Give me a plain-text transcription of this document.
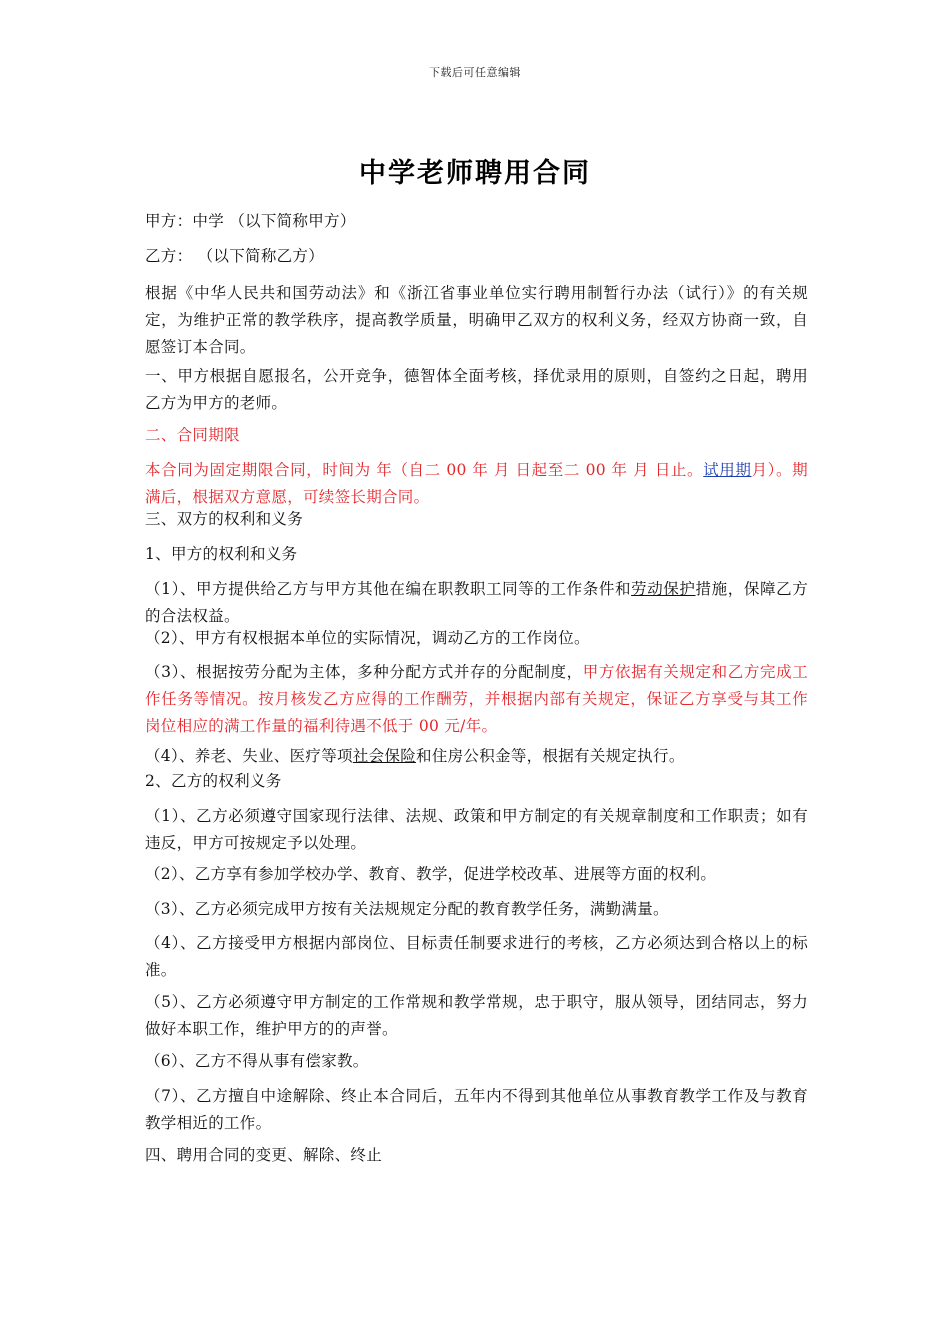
下载后可任意编辑
中学老师聘用合同

甲方：中学 （以下简称甲方）

乙方： （以下简称乙方）

根据《中华人民共和国劳动法》和《浙江省事业单位实行聘用制暂行办法（试行）》的有关规定，为维护正常的教学秩序，提高教学质量，明确甲乙双方的权利义务，经双方协商一致，自愿签订本合同。

一、甲方根据自愿报名，公开竞争，德智体全面考核，择优录用的原则，自签约之日起，聘用乙方为甲方的老师。

二、合同期限

本合同为固定期限合同，时间为 年（自二 00 年 月 日起至二 00 年 月 日止。试用期月）。期满后，根据双方意愿，可续签长期合同。

三、双方的权利和义务

1、甲方的权利和义务

（1）、甲方提供给乙方与甲方其他在编在职教职工同等的工作条件和劳动保护措施，保障乙方的合法权益。

（2）、甲方有权根据本单位的实际情况，调动乙方的工作岗位。

（3）、根据按劳分配为主体，多种分配方式并存的分配制度，甲方依据有关规定和乙方完成工作任务等情况。按月核发乙方应得的工作酬劳，并根据内部有关规定，保证乙方享受与其工作岗位相应的满工作量的福利待遇不低于 00 元/年。

（4）、养老、失业、医疗等项社会保险和住房公积金等，根据有关规定执行。

2、乙方的权利义务

（1）、乙方必须遵守国家现行法律、法规、政策和甲方制定的有关规章制度和工作职责；如有违反，甲方可按规定予以处理。

（2）、乙方享有参加学校办学、教育、教学，促进学校改革、进展等方面的权利。

（3）、乙方必须完成甲方按有关法规规定分配的教育教学任务，满勤满量。

（4）、乙方接受甲方根据内部岗位、目标责任制要求进行的考核，乙方必须达到合格以上的标准。

（5）、乙方必须遵守甲方制定的工作常规和教学常规，忠于职守，服从领导，团结同志，努力做好本职工作，维护甲方的的声誉。

（6）、乙方不得从事有偿家教。

（7）、乙方擅自中途解除、终止本合同后，五年内不得到其他单位从事教育教学工作及与教育教学相近的工作。

四、聘用合同的变更、解除、终止
